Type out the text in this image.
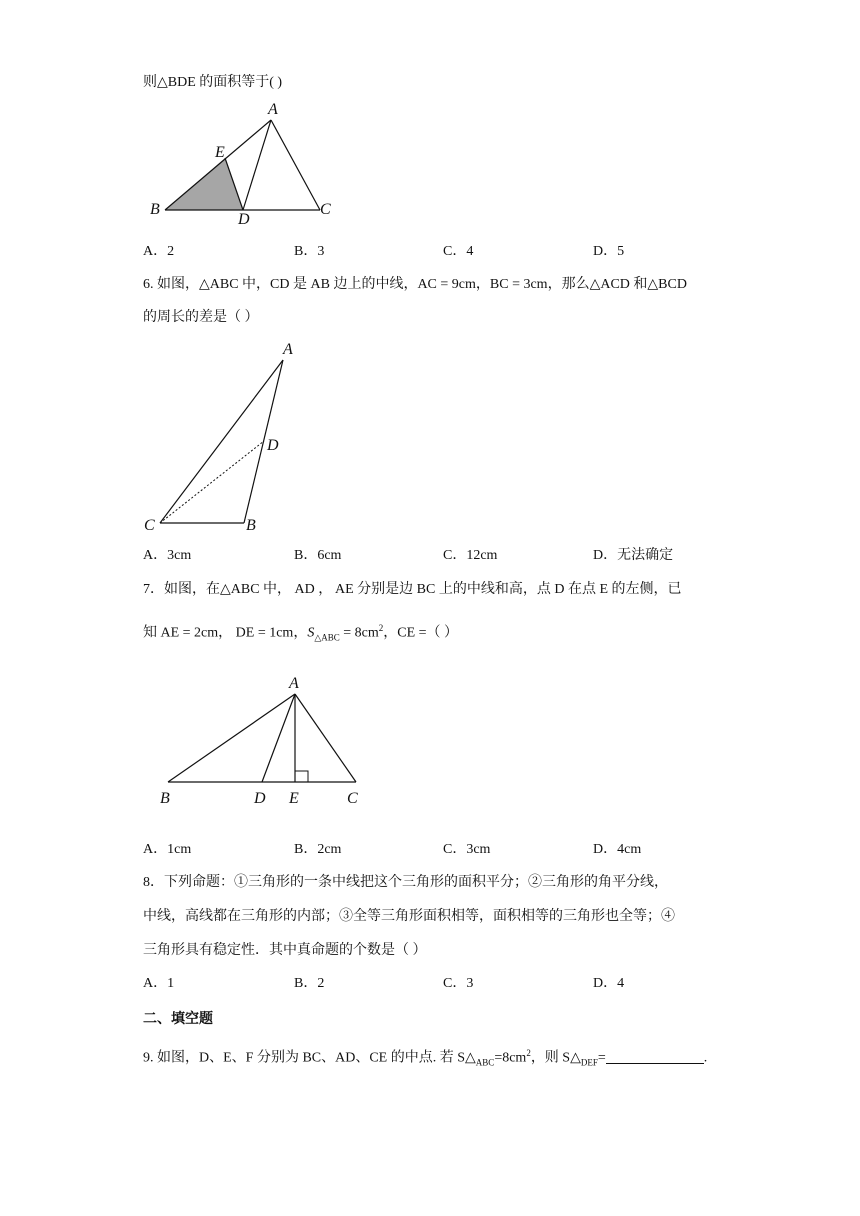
则△BDE 的面积等于( )
A
B	C
D
E
A．2	B．3	C．4	D．5
6. 如图，△ABC 中，CD 是 AB 边上的中线，AC = 9cm，BC = 3cm，那么△ACD 和△BCD
的周长的差是（ ）
A
B
C
D
A．3cm	B．6cm	C．12cm	D．无法确定
7．如图，在△ABC 中， AD ， AE 分别是边 BC 上的中线和高，点 D 在点 E 的左侧，已
知 AE = 2cm， DE = 1cm，$S_{\triangle ABC} = 8cm^2$，CE =（ ）
A
B	D E	C
A．1cm	B．2cm	C．3cm	D．4cm
8．下列命题：①三角形的一条中线把这个三角形的面积平分；②三角形的角平分线，
中线，高线都在三角形的内部；③全等三角形面积相等，面积相等的三角形也全等；④
三角形具有稳定性．其中真命题的个数是（ ）
A．1	B．2	C．3	D．4
二、填空题
9. 如图，D、E、F 分别为 BC、AD、CE 的中点. 若 $S\triangle_{ABC}=8cm^2$，则 $S\triangle_{DEF}=$	.
